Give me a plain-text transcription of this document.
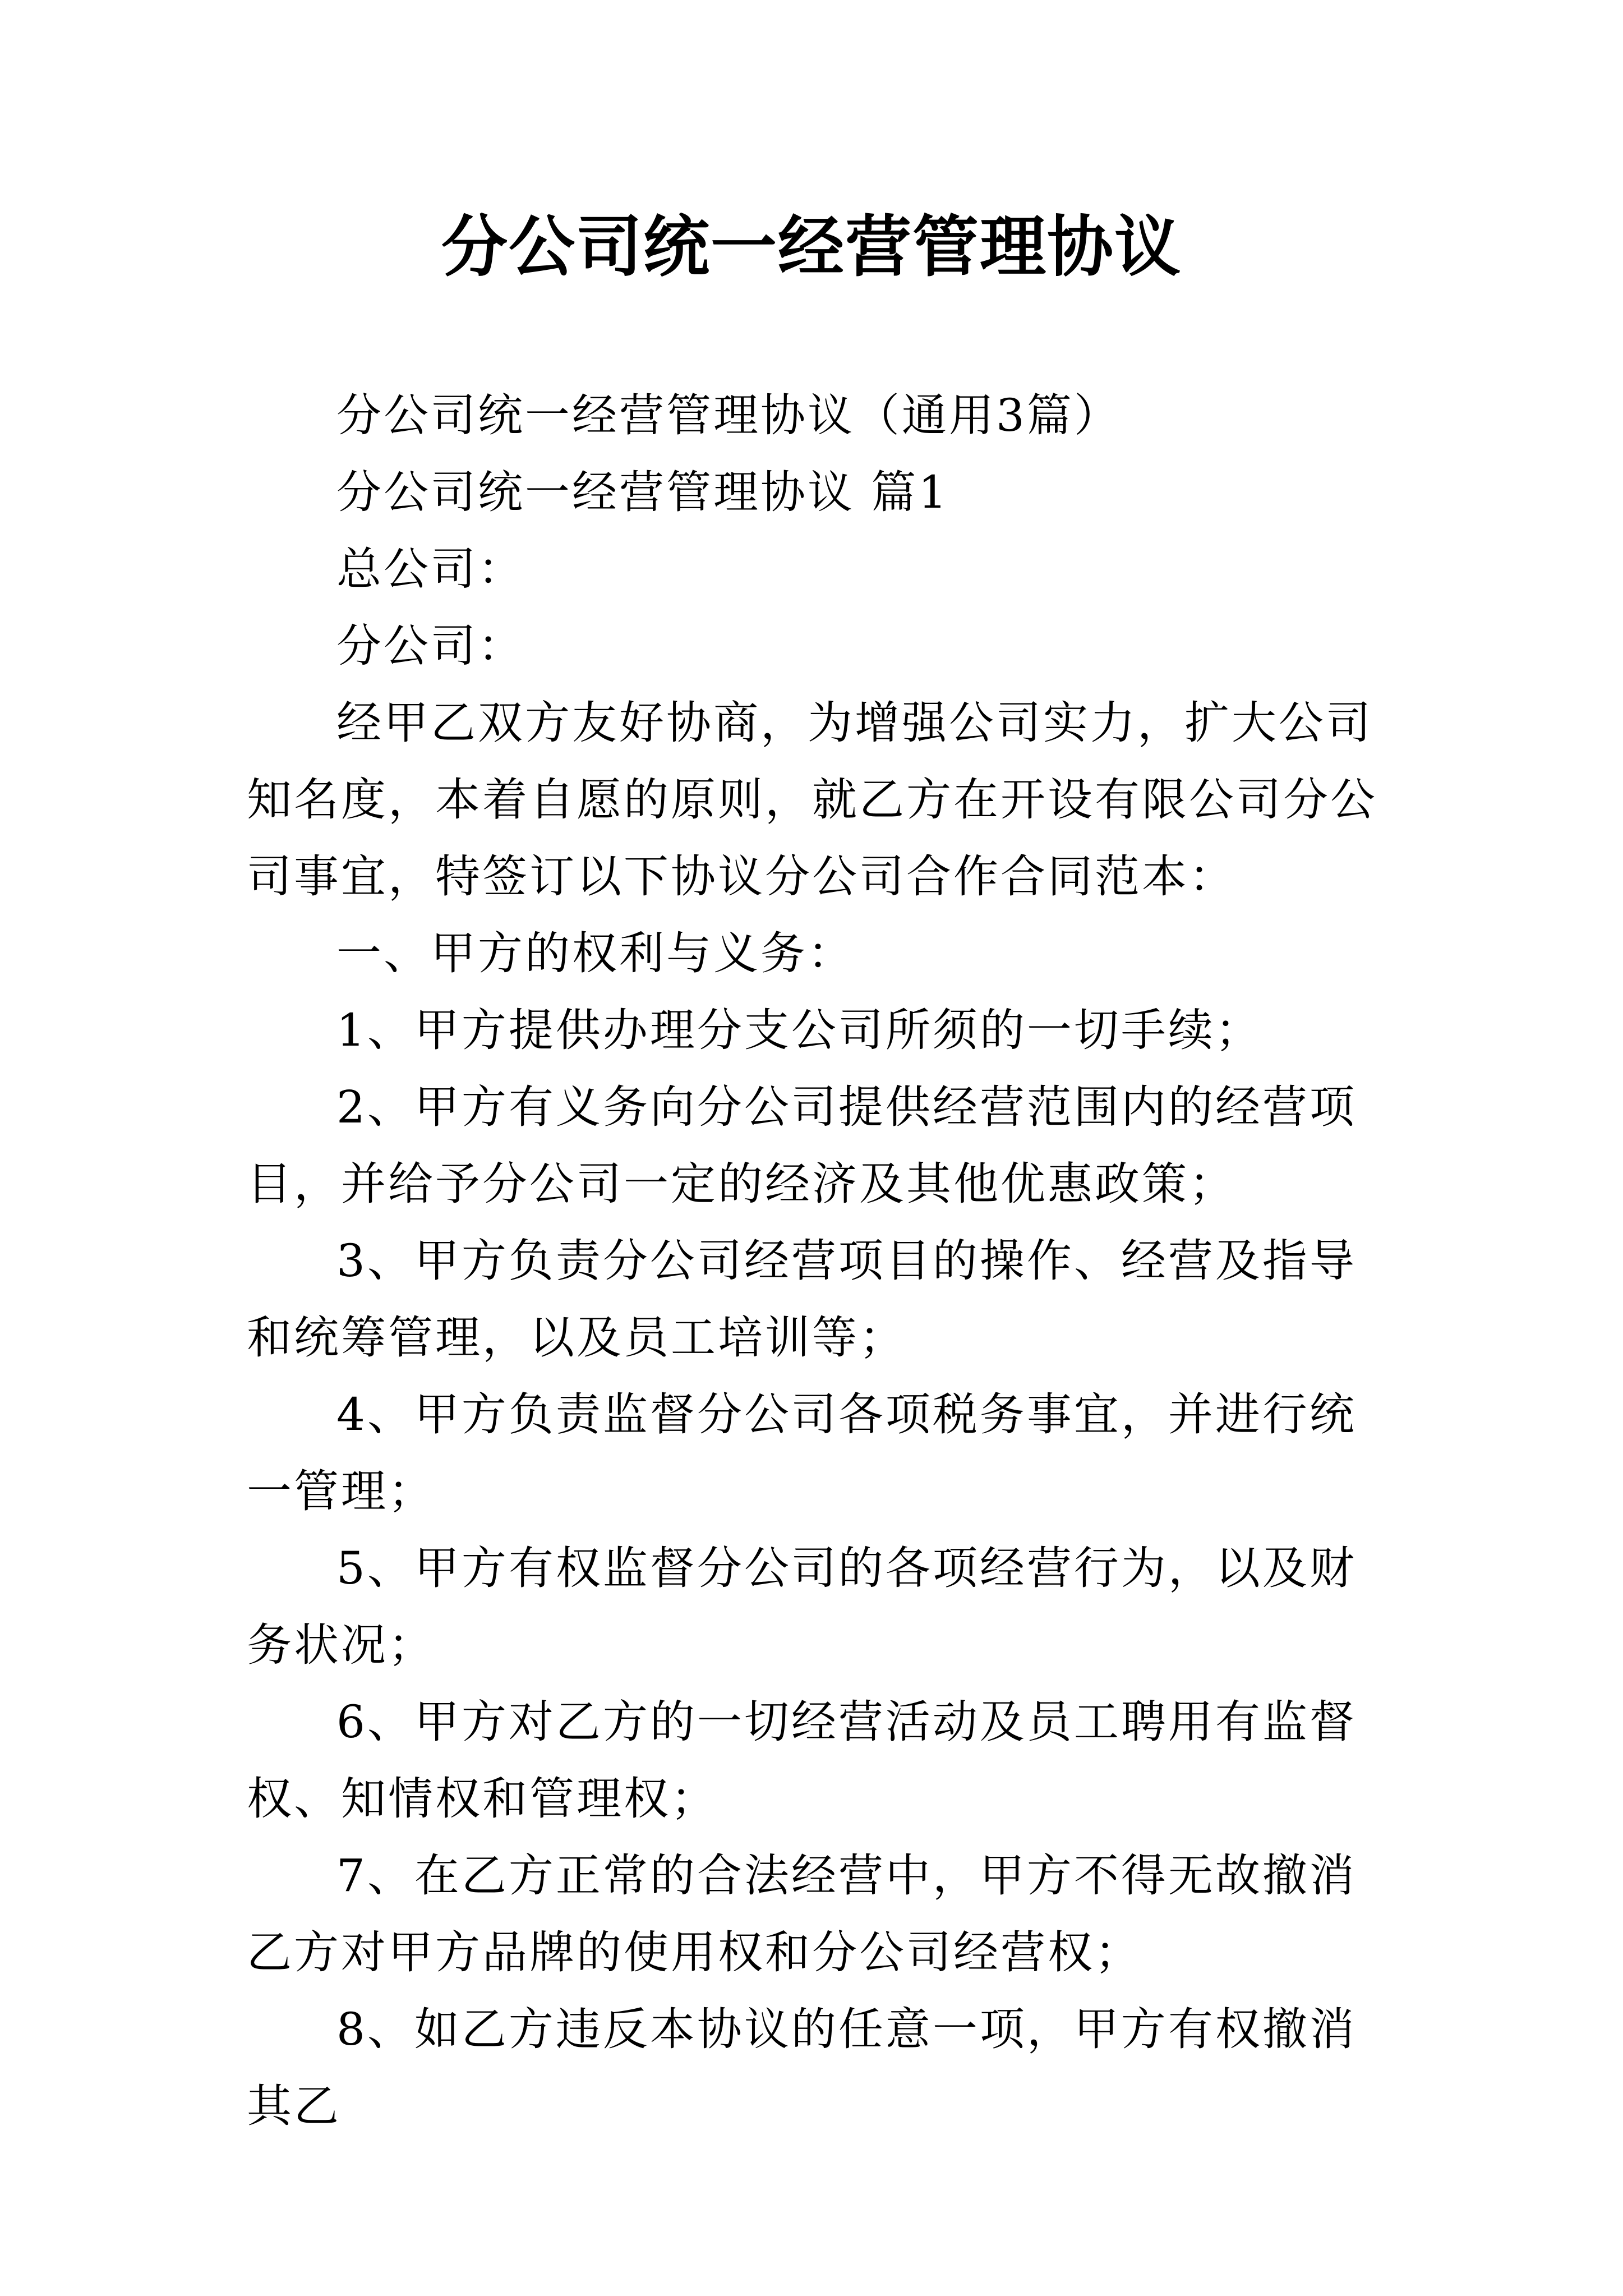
分公司统一经营管理协议

分公司统一经营管理协议（通用3篇）

分公司统一经营管理协议 篇1

总公司：

分公司：

经甲乙双方友好协商，为增强公司实力，扩大公司知名度，本着自愿的原则，就乙方在开设有限公司分公司事宜，特签订以下协议分公司合作合同范本：

一、甲方的权利与义务：

1、甲方提供办理分支公司所须的一切手续；

2、甲方有义务向分公司提供经营范围内的经营项目，并给予分公司一定的经济及其他优惠政策；

3、甲方负责分公司经营项目的操作、经营及指导和统筹管理，以及员工培训等；

4、甲方负责监督分公司各项税务事宜，并进行统一管理；

5、甲方有权监督分公司的各项经营行为，以及财务状况；

6、甲方对乙方的一切经营活动及员工聘用有监督权、知情权和管理权；

7、在乙方正常的合法经营中，甲方不得无故撤消乙方对甲方品牌的使用权和分公司经营权；

8、如乙方违反本协议的任意一项，甲方有权撤消其乙
